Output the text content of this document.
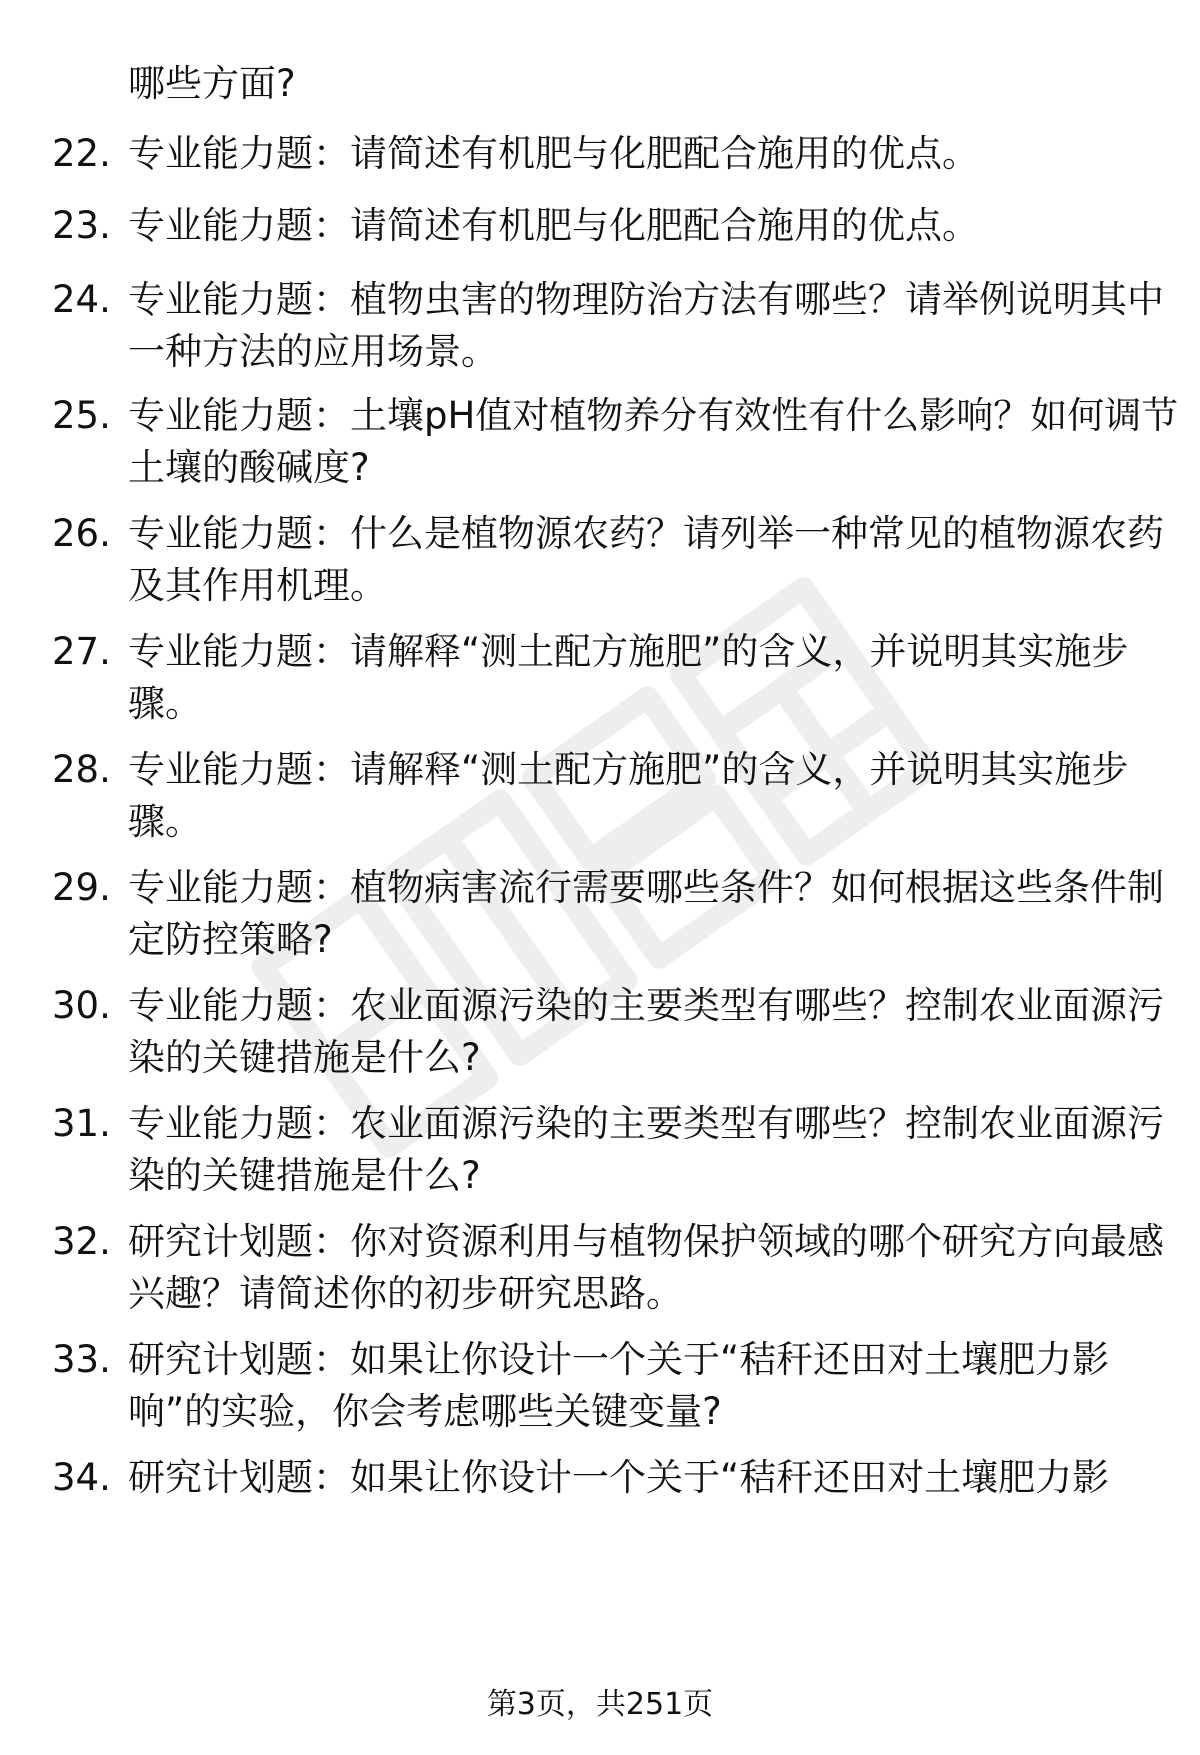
哪些方面?
22. 专业能力题：请简述有机肥与化肥配合施用的优点。
23. 专业能力题：请简述有机肥与化肥配合施用的优点。
24. 专业能力题：植物虫害的物理防治方法有哪些？请举例说明其中
一种方法的应用场景。
25. 专业能力题：土壤pH值对植物养分有效性有什么影响？如何调节
土壤的酸碱度?
26. 专业能力题：什么是植物源农药？请列举一种常见的植物源农药
及其作用机理。
27. 专业能力题：请解释“测土配方施肥”的含义，并说明其实施步
骤。
28. 专业能力题：请解释“测土配方施肥”的含义，并说明其实施步
骤。
29. 专业能力题：植物病害流行需要哪些条件？如何根据这些条件制
定防控策略?
30. 专业能力题：农业面源污染的主要类型有哪些？控制农业面源污
染的关键措施是什么?
31. 专业能力题：农业面源污染的主要类型有哪些？控制农业面源污
染的关键措施是什么?
32. 研究计划题：你对资源利用与植物保护领域的哪个研究方向最感
兴趣？请简述你的初步研究思路。
33. 研究计划题：如果让你设计一个关于“秸秆还田对土壤肥力影
响”的实验，你会考虑哪些关键变量?
34. 研究计划题：如果让你设计一个关于“秸秆还田对土壤肥力影
第3页，共251页
